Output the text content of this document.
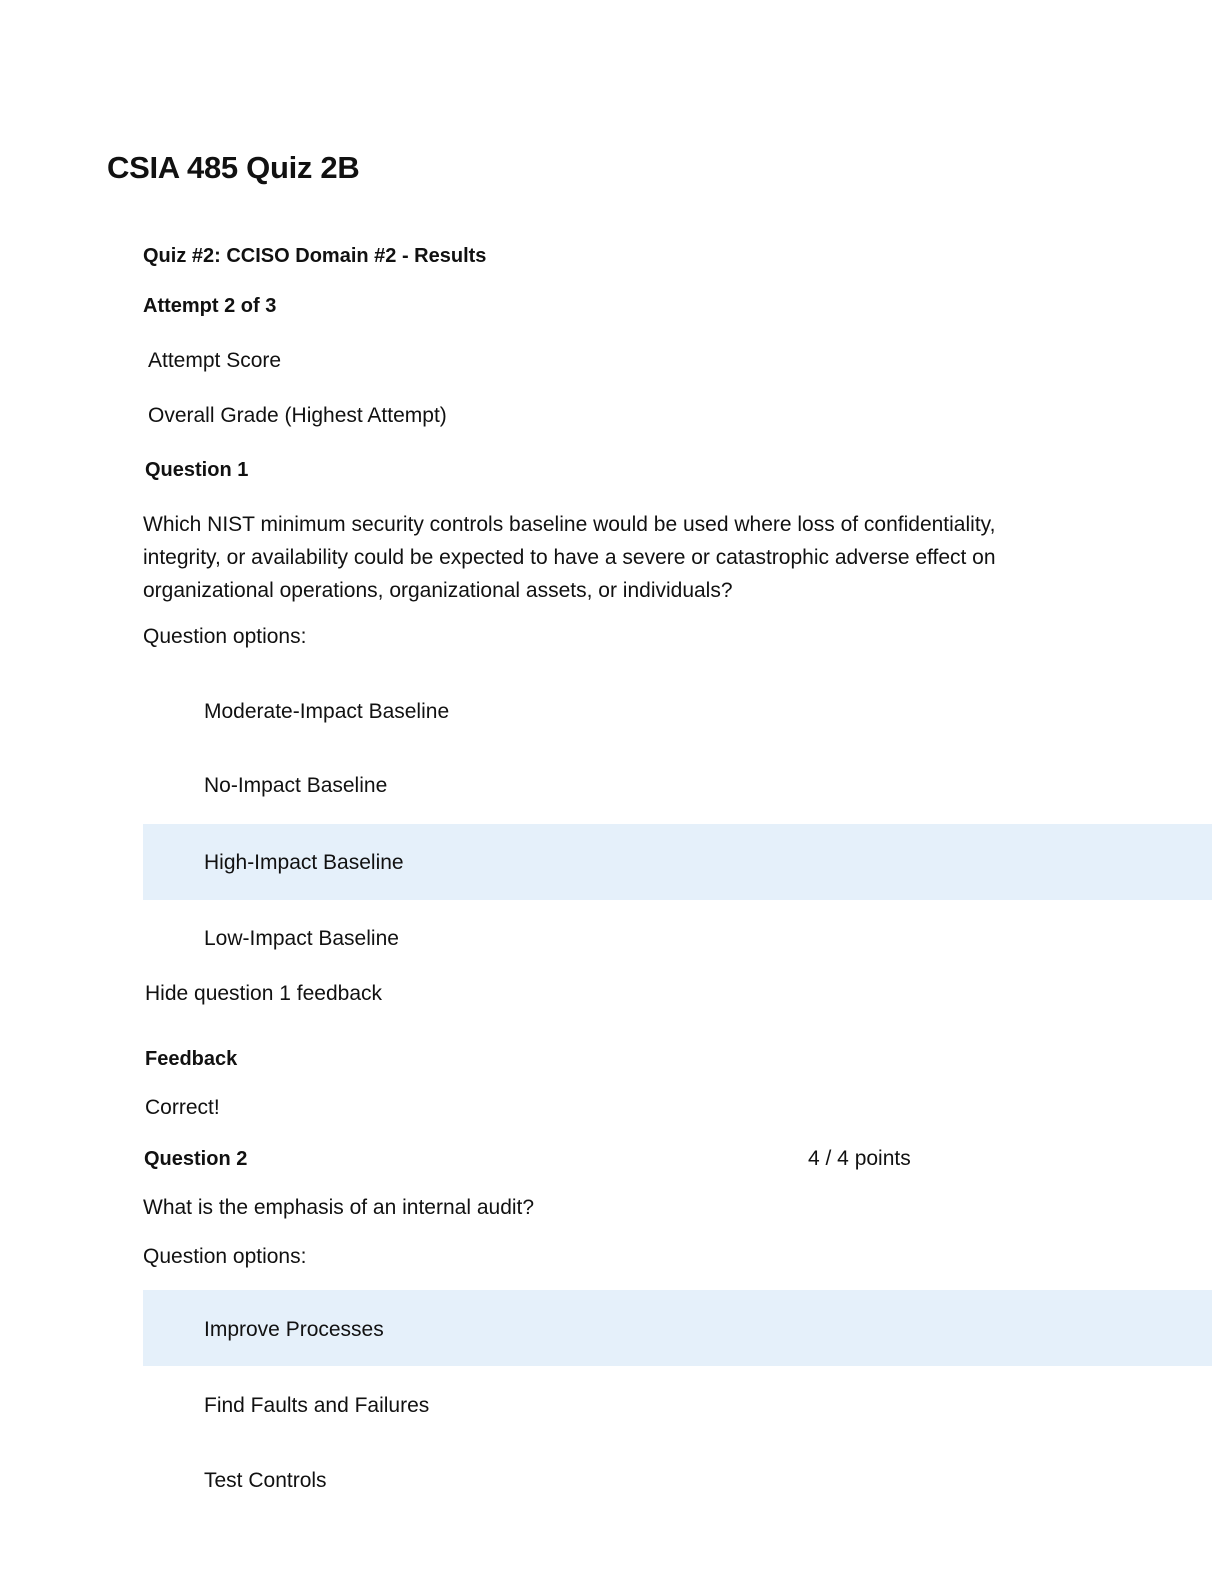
CSIA 485 Quiz 2B
Quiz #2: CCISO Domain #2 - Results
Attempt 2 of 3
Attempt Score
Overall Grade (Highest Attempt)
Question 1
Which NIST minimum security controls baseline would be used where loss of confidentiality, integrity, or availability could be expected to have a severe or catastrophic adverse effect on organizational operations, organizational assets, or individuals?
Question options:
Moderate-Impact Baseline
No-Impact Baseline
High-Impact Baseline
Low-Impact Baseline
Hide question 1 feedback
Feedback
Correct!
Question 2	4 / 4 points
What is the emphasis of an internal audit?
Question options:
Improve Processes
Find Faults and Failures
Test Controls
